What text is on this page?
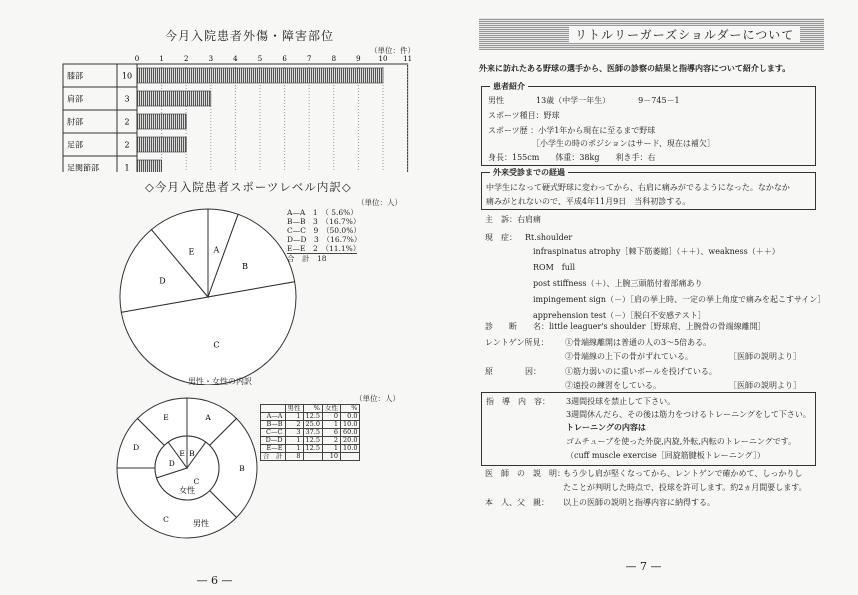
今月入院患者外傷・障害部位
（単位：件）
0	1	2	3	4	5	6	7	8	9	10 11
膝部	10
肩部	3
肘部	2
足部	2
足関節部	1
◇今月入院患者スポーツレベル内訳◇
（単位：人）
A
B
C
D
E
A—A　1　（ 5.6%）
B—B　3　（16.7%）
C—C　9　（50.0%）
D—D　3　（16.7%）
E—E　2　（11.1%）
合　計　18
男性・女性の内訳
（単位：人）
A
B
C
D
E
B
C
D
E
男性
女性
	男性	%	女性	%
A—A	1	12.5	0	0.0
B—B	2	25.0	1	10.0
C—C	3	37.5	6	60.0
D—D	1	12.5	2	20.0
E—E	1	12.5	1	10.0
合　計	8		10	
— 6 —
リトルリーガーズショルダーについて
外来に訪れたある野球の選手から、医師の診察の結果と指導内容について紹介します。
患者紹介
男性　　　　13歳（中学一年生）　　　　9－745－1
スポーツ種目：野球
スポーツ歴 ：小学1年から現在に至るまで野球
　　　　　　［小学生の時のポジションはサード、現在は補欠］
身長：155cm　　体重：38kg　　利き手：右
外来受診までの経過
中学生になって硬式野球に変わってから、右肩に痛みがでるようになった。なかなか
痛みがとれないので、平成4年11月9日　当科初診する。
主　訴：右肩痛
現　症： Rt.shoulder
infraspinatus atrophy［棘下筋萎縮］（＋＋）、weakness（＋＋）
ROM　full
post stiffness（＋）、上腕三頭筋付着部痛あり
impingement sign（－）［肩の挙上時、一定の挙上角度で痛みを起こすサイン］
apprehension test（－）［脱臼不安感テスト］
診　　断　　名：little leaguer's shoulder［野球肩、上腕骨の骨端線離開］
レントゲン所見： ①骨端線離開は普通の人の3～5倍ある。
②骨端線の上下の骨がずれている。	［医師の説明より］
原　　　　因：	①筋力弱いのに重いボールを投げている。
②遠投の練習をしている。	［医師の説明より］
指　導　内　容： 3週間投球を禁止して下さい。
3週間休んだら、その後は筋力をつけるトレーニングをして下さい。
トレーニングの内容は
ゴムチューブを使った外旋,内旋,外転,内転のトレーニングです。
（cuff muscle exercise［回旋筋腱板トレーニング］）
医　師　の　説　明：
もう少し肩が堅くなってから、レントゲンで確かめて、しっかりし
たことが判明した時点で、投球を許可します。約2ヵ月間要します。
本　人、父　親： 以上の医師の説明と指導内容に納得する。
— 7 —
